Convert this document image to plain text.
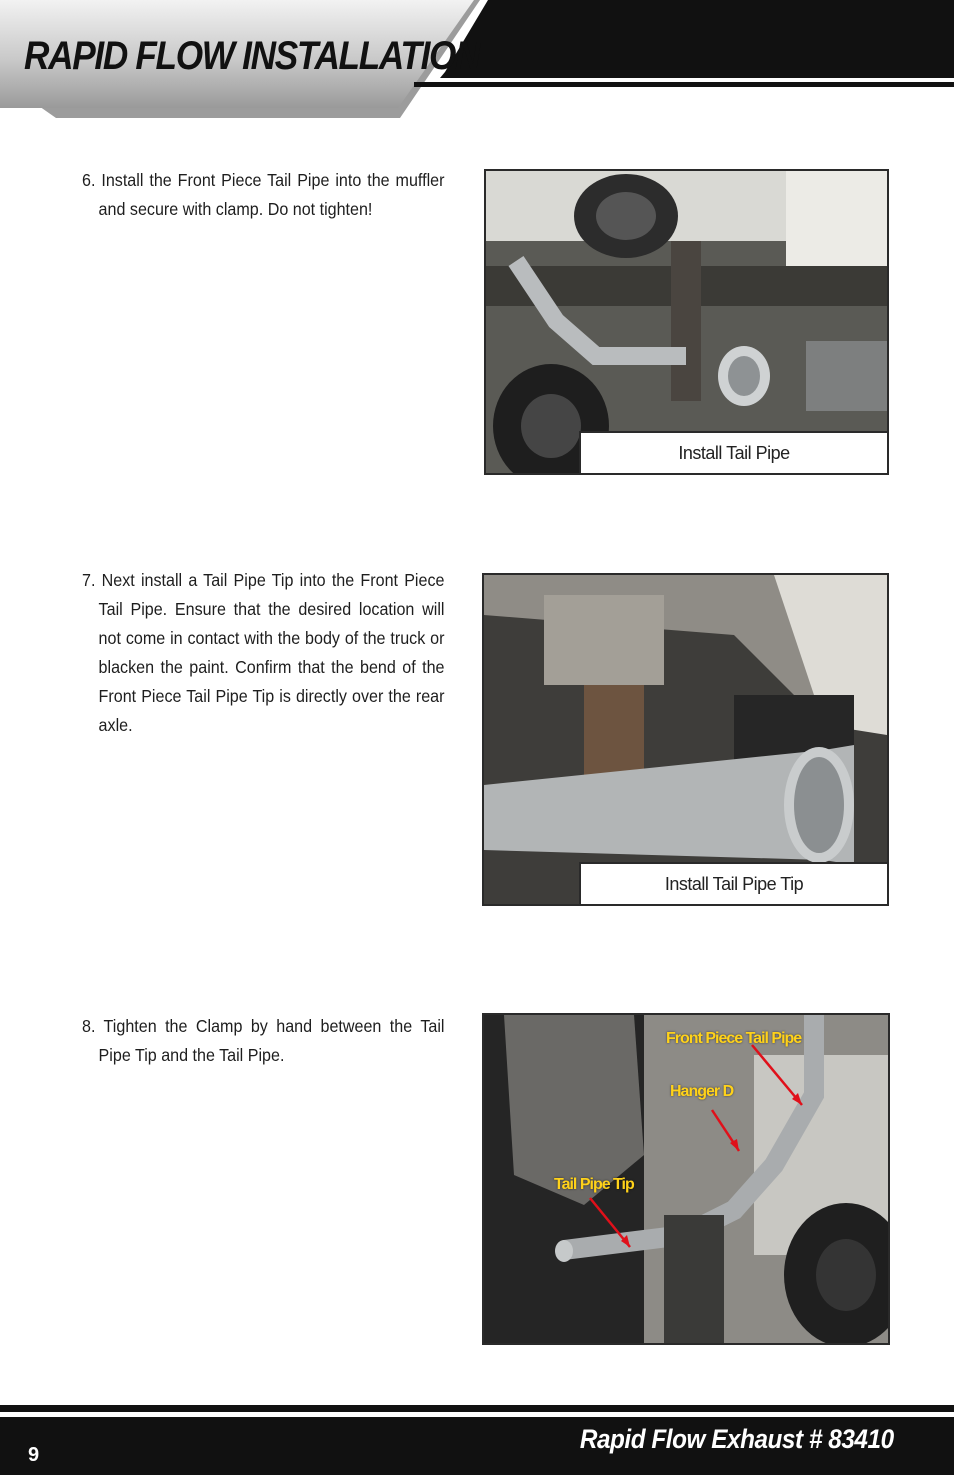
RAPID FLOW INSTALLATION
6. Install the Front Piece Tail Pipe into the muffler and secure with clamp. Do not tighten!
Install Tail Pipe
7. Next install a Tail Pipe Tip into the Front Piece Tail Pipe. Ensure that the desired location will not come in contact with the body of the truck or blacken the paint. Confirm that the bend of the Front Piece Tail Pipe Tip is directly over the rear axle.
Install Tail Pipe Tip
8. Tighten the Clamp by hand between the Tail Pipe Tip and the Tail Pipe.
Front Piece Tail Pipe
Hanger D
Tail Pipe Tip
Rapid Flow Exhaust # 83410
9
